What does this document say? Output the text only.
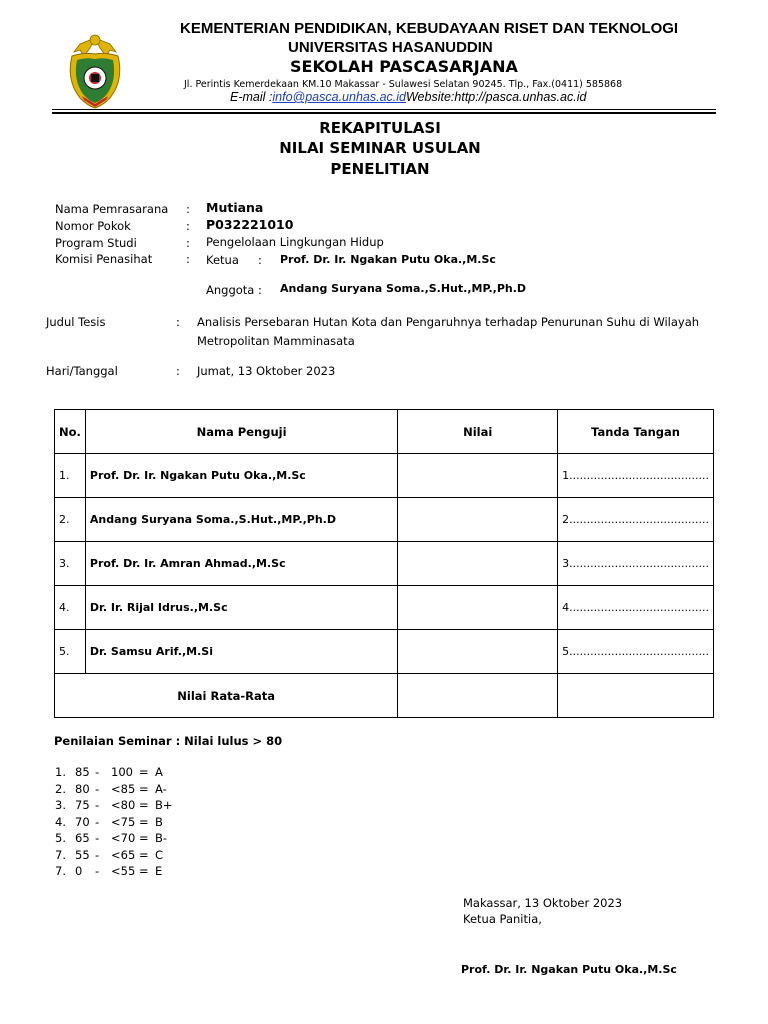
KEMENTERIAN PENDIDIKAN, KEBUDAYAAN RISET DAN TEKNOLOGI
UNIVERSITAS HASANUDDIN
SEKOLAH PASCASARJANA
Jl. Perintis Kemerdekaan KM.10 Makassar - Sulawesi Selatan 90245. Tlp., Fax.(0411) 585868
E-mail :info@pasca.unhas.ac.idWebsite:http://pasca.unhas.ac.id
REKAPITULASI
NILAI SEMINAR USULAN
PENELITIAN
Nama Pemrasarana : Mutiana
Nomor Pokok	: P032221010
Program Studi	: Pengelolaan Lingkungan Hidup
Komisi Penasihat	: Ketua : Prof. Dr. Ir. Ngakan Putu Oka.,M.Sc
Anggota : Andang Suryana Soma.,S.Hut.,MP.,Ph.D
Judul Tesis	: Analisis Persebaran Hutan Kota dan Pengaruhnya terhadap Penurunan Suhu di Wilayah
Metropolitan Mamminasata
Hari/Tanggal	: Jumat, 13 Oktober 2023
No.	Nama Penguji	Nilai	Tanda Tangan
1.	Prof. Dr. Ir. Ngakan Putu Oka.,M.Sc		1........................................
2.	Andang Suryana Soma.,S.Hut.,MP.,Ph.D		2........................................
3.	Prof. Dr. Ir. Amran Ahmad.,M.Sc		3........................................
4.	Dr. Ir. Rijal Idrus.,M.Sc		4........................................
5.	Dr. Samsu Arif.,M.Si		5........................................
Nilai Rata-Rata			
Penilaian Seminar : Nilai lulus > 80
1. 85 - 100 = A
2. 80 - <85 = A-
3. 75 - <80 = B+
4. 70 - <75 = B
5. 65 - <70 = B-
7. 55 - <65 = C
7. 0 - <55 = E
Makassar, 13 Oktober 2023
Ketua Panitia,
Prof. Dr. Ir. Ngakan Putu Oka.,M.Sc
